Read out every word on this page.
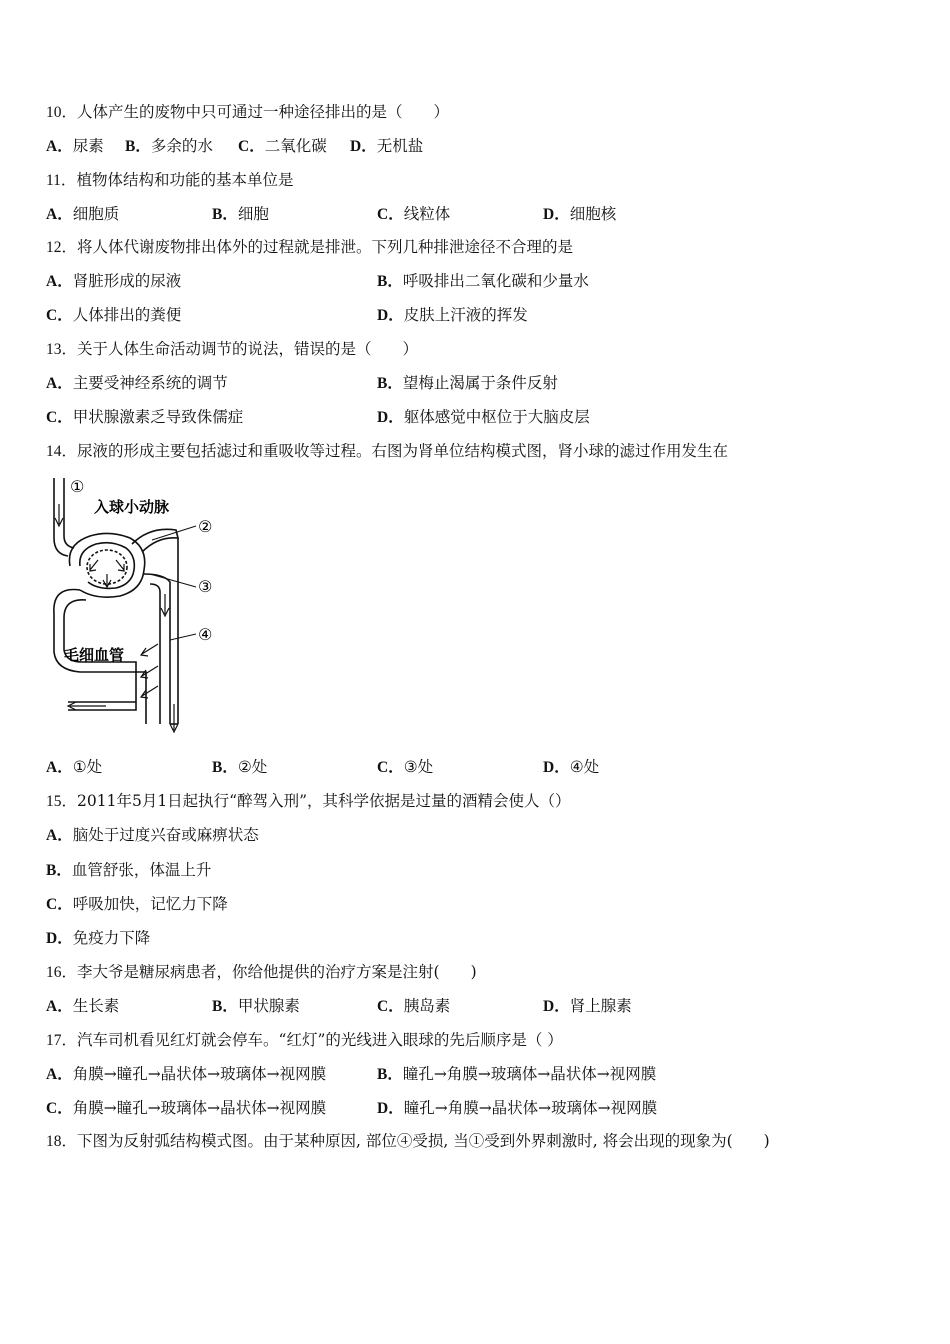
10．人体产生的废物中只可通过一种途径排出的是（　　）
A．尿素 B．多余的水 C．二氧化碳 D．无机盐
11．植物体结构和功能的基本单位是
A．细胞质	B．细胞	C．线粒体	D．细胞核
12．将人体代谢废物排出体外的过程就是排泄。下列几种排泄途径不合理的是
A．肾脏形成的尿液	B．呼吸排出二氧化碳和少量水
C．人体排出的粪便	D．皮肤上汗液的挥发
13．关于人体生命活动调节的说法，错误的是（　　）
A．主要受神经系统的调节	B．望梅止渴属于条件反射
C．甲状腺激素乏导致侏儒症	D．躯体感觉中枢位于大脑皮层
14．尿液的形成主要包括滤过和重吸收等过程。右图为肾单位结构模式图，肾小球的滤过作用发生在
①
入球小动脉
②
③
④
毛细血管
A．①处	B．②处	C．③处	D．④处
15．2011年5月1日起执行“醉驾入刑”，其科学依据是过量的酒精会使人（）
A．脑处于过度兴奋或麻痹状态
B．血管舒张，体温上升
C．呼吸加快，记忆力下降
D．免疫力下降
16．李大爷是糖尿病患者，你给他提供的治疗方案是注射(　　)
A．生长素	B．甲状腺素	C．胰岛素	D．肾上腺素
17．汽车司机看见红灯就会停车。“红灯”的光线进入眼球的先后顺序是（ ）
A．角膜→瞳孔→晶状体→玻璃体→视网膜	B．瞳孔→角膜→玻璃体→晶状体→视网膜
C．角膜→瞳孔→玻璃体→晶状体→视网膜	D．瞳孔→角膜→晶状体→玻璃体→视网膜
18．下图为反射弧结构模式图。由于某种原因, 部位④受损, 当①受到外界刺激时, 将会出现的现象为(　　)
